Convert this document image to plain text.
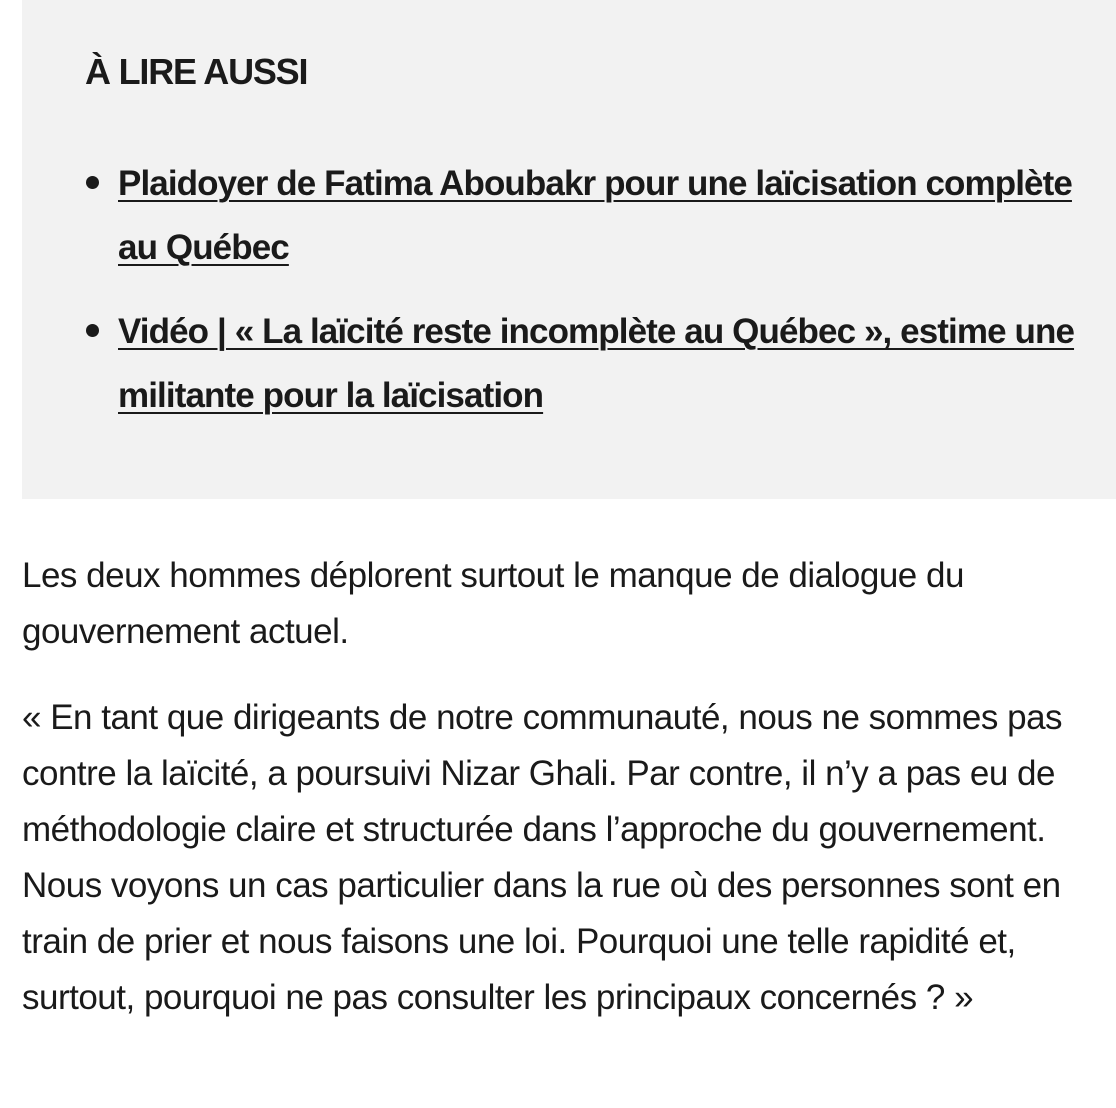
À LIRE AUSSI
Plaidoyer de Fatima Aboubakr pour une laïcisation complète au Québec
Vidéo | « La laïcité reste incomplète au Québec », estime une militante pour la laïcisation

Les deux hommes déplorent surtout le manque de dialogue du gouvernement actuel.

« En tant que dirigeants de notre communauté, nous ne sommes pas contre la laïcité, a poursuivi Nizar Ghali. Par contre, il n’y a pas eu de méthodologie claire et structurée dans l’approche du gouvernement. Nous voyons un cas particulier dans la rue où des personnes sont en train de prier et nous faisons une loi. Pourquoi une telle rapidité et, surtout, pourquoi ne pas consulter les principaux concernés ? »
